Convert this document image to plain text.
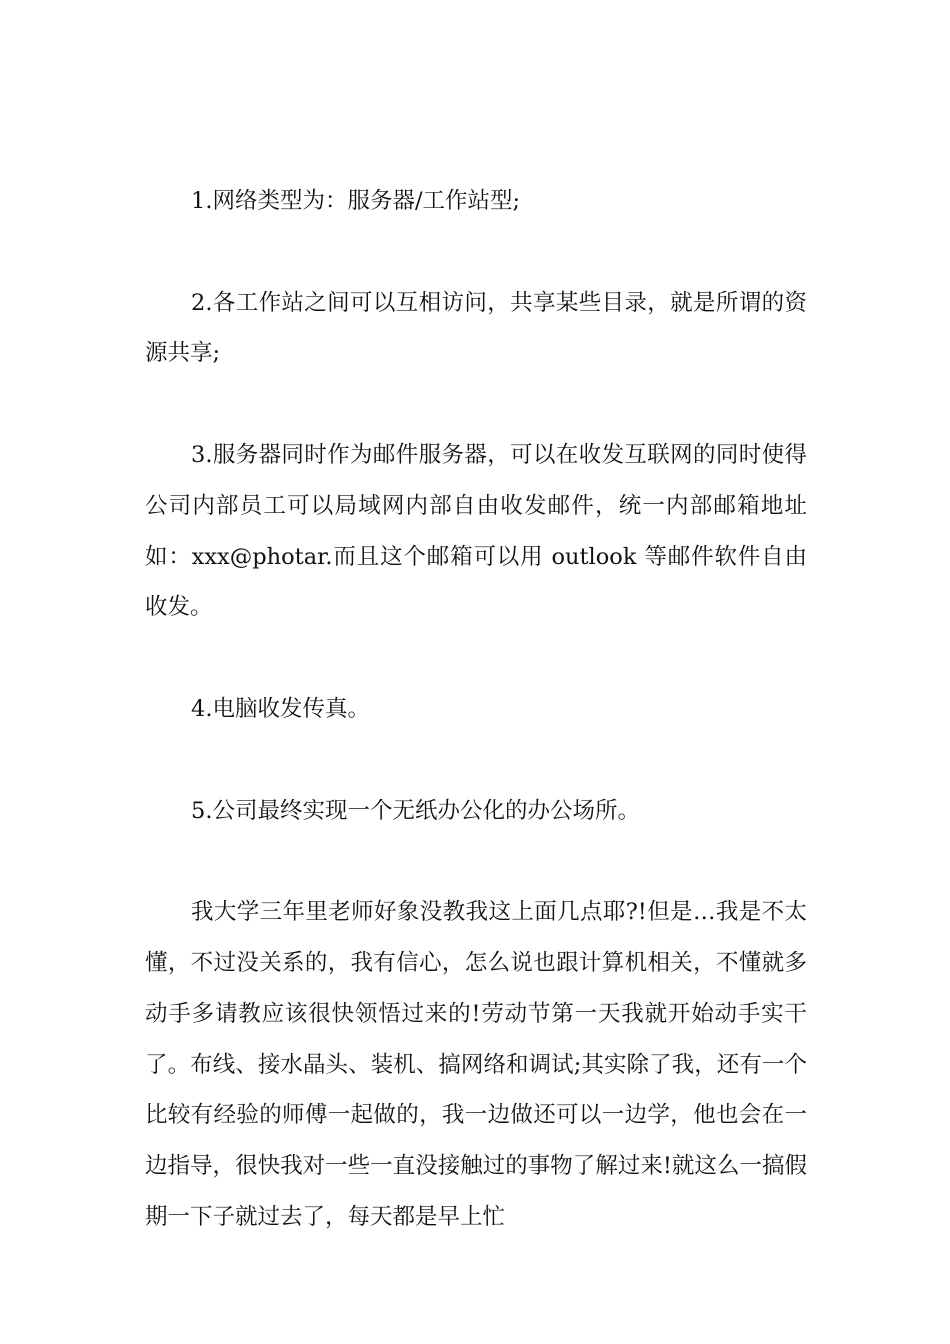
1.网络类型为：服务器/工作站型;

2.各工作站之间可以互相访问，共享某些目录，就是所谓的资源共享;

3.服务器同时作为邮件服务器，可以在收发互联网的同时使得公司内部员工可以局域网内部自由收发邮件，统一内部邮箱地址如：xxx@photar.而且这个邮箱可以用 outlook 等邮件软件自由收发。

4.电脑收发传真。

5.公司最终实现一个无纸办公化的办公场所。

我大学三年里老师好象没教我这上面几点耶?!但是…我是不太懂，不过没关系的，我有信心，怎么说也跟计算机相关，不懂就多动手多请教应该很快领悟过来的!劳动节第一天我就开始动手实干了。布线、接水晶头、装机、搞网络和调试;其实除了我，还有一个比较有经验的师傅一起做的，我一边做还可以一边学，他也会在一边指导，很快我对一些一直没接触过的事物了解过来!就这么一搞假期一下子就过去了，每天都是早上忙
